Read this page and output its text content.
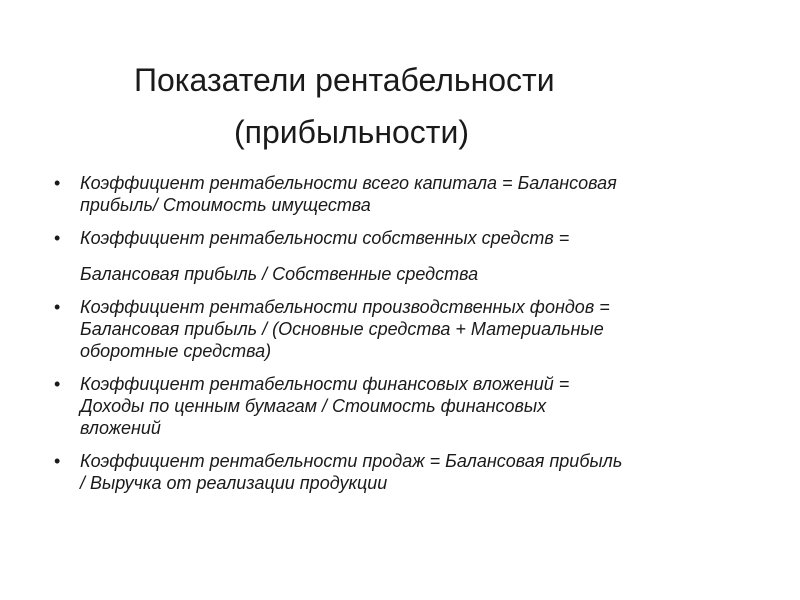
Показатели рентабельности
(прибыльности)
• Коэффициент рентабельности всего капитала = Балансовая
прибыль/ Стоимость имущества
• Коэффициент рентабельности собственных средств =
Балансовая прибыль / Собственные средства
• Коэффициент рентабельности производственных фондов =
Балансовая прибыль / (Основные средства + Материальные
оборотные средства)
• Коэффициент рентабельности финансовых вложений =
Доходы по ценным бумагам / Стоимость финансовых
вложений
• Коэффициент рентабельности продаж = Балансовая прибыль
/ Выручка от реализации продукции
